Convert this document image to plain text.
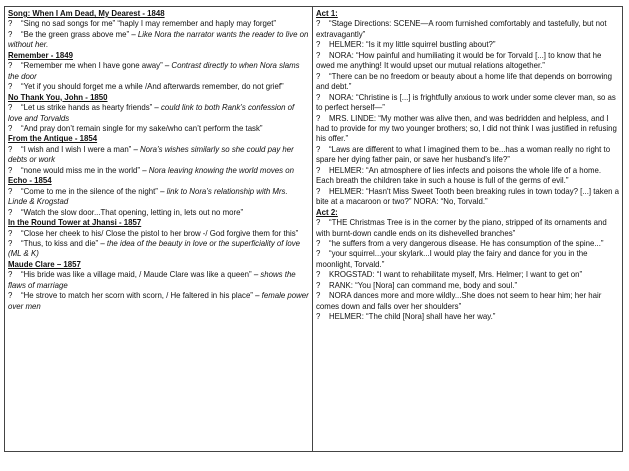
Song: When I Am Dead, My Dearest - 1848

? “Sing no sad songs for me” “haply I may remember and haply may forget”

? “Be the green grass above me” – Like Nora the narrator wants the reader to live on without her.

Remember - 1849

? “Remember me when I have gone away” – Contrast directly to when Nora slams the door

? “Yet if you should forget me a while /And afterwards remember, do not grief”

No Thank You, John - 1850

? “Let us strike hands as hearty friends” – could link to both Rank’s confession of love and Torvalds

? “And pray don’t remain single for my sake/who can’t perform the task”

From the Antique - 1854

? “I wish and I wish I were a man” – Nora’s wishes similarly so she could pay her debts or work

? “none would miss me in the world” – Nora leaving knowing the world moves on

Echo - 1854

? “Come to me in the silence of the night” – link to Nora’s relationship with Mrs. Linde & Krogstad

? “Watch the slow door...That opening, letting in, lets out no more”

In the Round Tower at Jhansi - 1857

? “Close her cheek to his/ Close the pistol to her brow -/ God forgive them for this”

? “Thus, to kiss and die” – the idea of the beauty in love or the superficiality of love (ML & K)

Maude Clare – 1857

? “His bride was like a village maid, / Maude Clare was like a queen” – shows the flaws of marriage

? “He strove to match her scorn with scorn, / He faltered in his place” – female power over men

Act 1:

? “Stage Directions: SCENE—A room furnished comfortably and tastefully, but not extravagantly”

? HELMER: “Is it my little squirrel bustling about?”

? NORA: “How painful and humiliating it would be for Torvald [...] to know that he owed me anything! It would upset our mutual relations altogether.”

? “There can be no freedom or beauty about a home life that depends on borrowing and debt.”

? NORA: “Christine is [...] is frightfully anxious to work under some clever man, so as to perfect herself—”

? MRS. LINDE: “My mother was alive then, and was bedridden and helpless, and I had to provide for my two younger brothers; so, I did not think I was justified in refusing his offer.”

? “Laws are different to what I imagined them to be...has a woman really no right to spare her dying father pain, or save her husband’s life?”

? HELMER: “An atmosphere of lies infects and poisons the whole life of a home. Each breath the children take in such a house is full of the germs of evil.”

? HELMER: “Hasn't Miss Sweet Tooth been breaking rules in town today? [...] taken a bite at a macaroon or two?” NORA: “No, Torvald.”

Act 2:

? “THE Christmas Tree is in the corner by the piano, stripped of its ornaments and with burnt-down candle ends on its dishevelled branches”

? “he suffers from a very dangerous disease. He has consumption of the spine...”

? “your squirrel...your skylark...I would play the fairy and dance for you in the moonlight, Torvald.”

? KROGSTAD: “I want to rehabilitate myself, Mrs. Helmer; I want to get on”

? RANK: “You [Nora] can command me, body and soul.”

? NORA dances more and more wildly...She does not seem to hear him; her hair comes down and falls over her shoulders”

? HELMER: “The child [Nora] shall have her way.”
